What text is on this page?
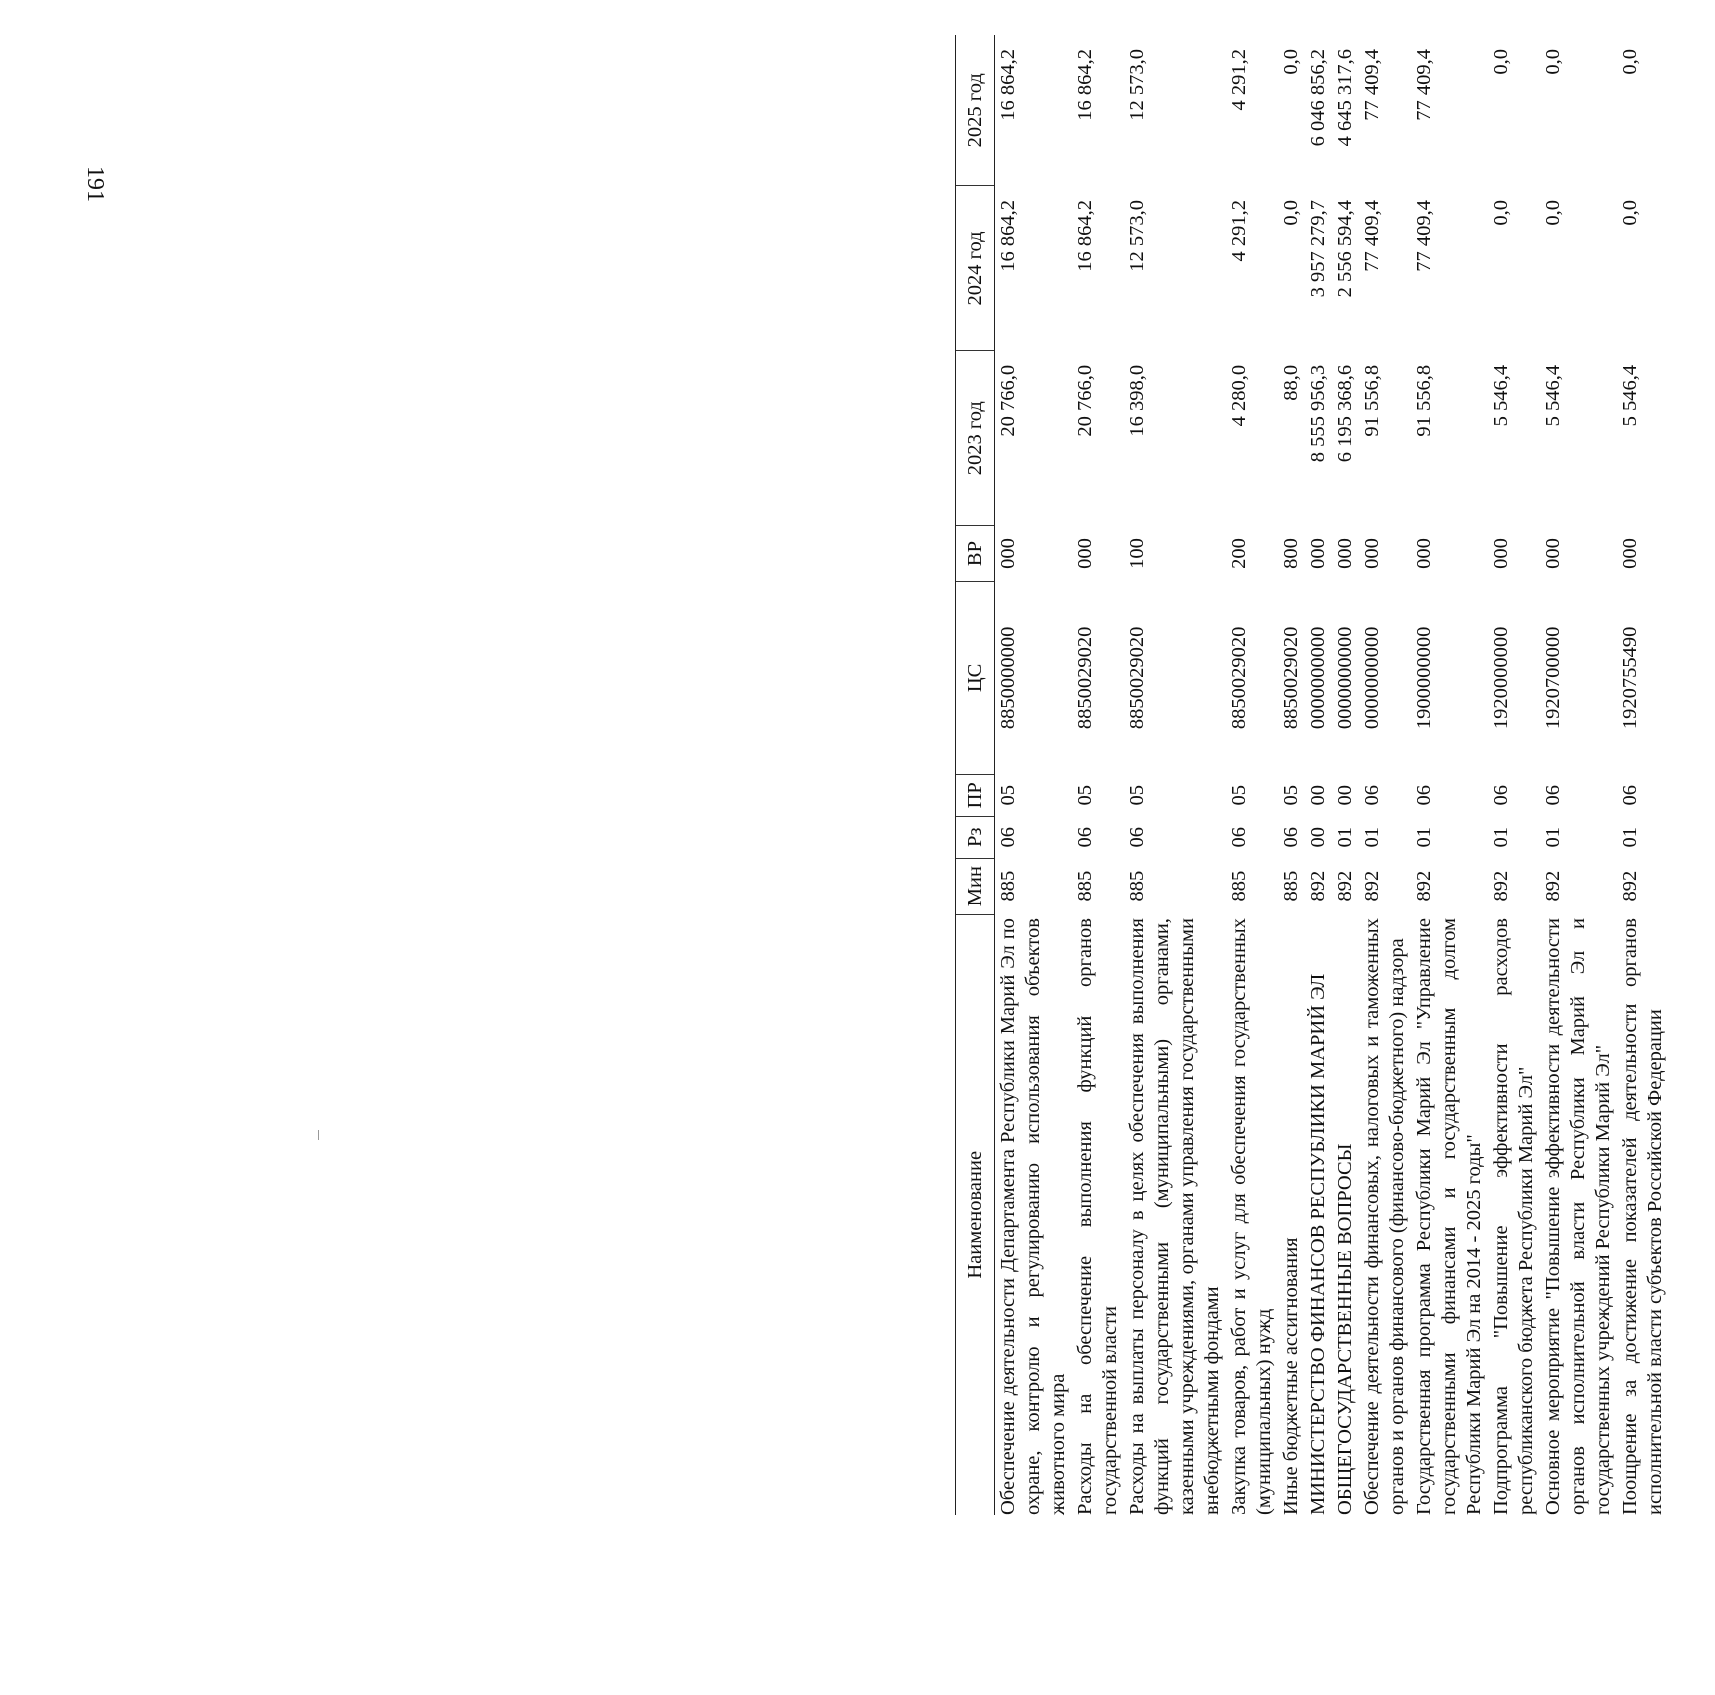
191
Наименование	Мин	Рз	ПР	ЦС	ВР	2023 год	2024 год	2025 год
Обеспечение деятельности Департамента Республики Марий Эл по охране, контролю и регулированию использования объектов животного мира	885	06	05	8850000000	000	20 766,0	16 864,2	16 864,2
Расходы на обеспечение выполнения функций органов государственной власти	885	06	05	8850029020	000	20 766,0	16 864,2	16 864,2
Расходы на выплаты персоналу в целях обеспечения выполнения функций государственными (муниципальными) органами, казенными учреждениями, органами управления государственными внебюджетными фондами	885	06	05	8850029020	100	16 398,0	12 573,0	12 573,0
Закупка товаров, работ и услуг для обеспечения государственных (муниципальных) нужд	885	06	05	8850029020	200	4 280,0	4 291,2	4 291,2
Иные бюджетные ассигнования	885	06	05	8850029020	800	88,0	0,0	0,0
МИНИСТЕРСТВО ФИНАНСОВ РЕСПУБЛИКИ МАРИЙ ЭЛ	892	00	00	0000000000	000	8 555 956,3	3 957 279,7	6 046 856,2
ОБЩЕГОСУДАРСТВЕННЫЕ ВОПРОСЫ	892	01	00	0000000000	000	6 195 368,6	2 556 594,4	4 645 317,6
Обеспечение деятельности финансовых, налоговых и таможенных органов и органов финансового (финансово-бюджетного) надзора	892	01	06	0000000000	000	91 556,8	77 409,4	77 409,4
Государственная программа Республики Марий Эл "Управление государственными финансами и государственным долгом Республики Марий Эл на 2014 - 2025 годы"	892	01	06	1900000000	000	91 556,8	77 409,4	77 409,4
Подпрограмма "Повышение эффективности расходов республиканского бюджета Республики Марий Эл"	892	01	06	1920000000	000	5 546,4	0,0	0,0
Основное мероприятие "Повышение эффективности деятельности органов исполнительной власти Республики Марий Эл и государственных учреждений Республики Марий Эл"	892	01	06	1920700000	000	5 546,4	0,0	0,0
Поощрение за достижение показателей деятельности органов исполнительной власти субъектов Российской Федерации	892	01	06	1920755490	000	5 546,4	0,0	0,0
